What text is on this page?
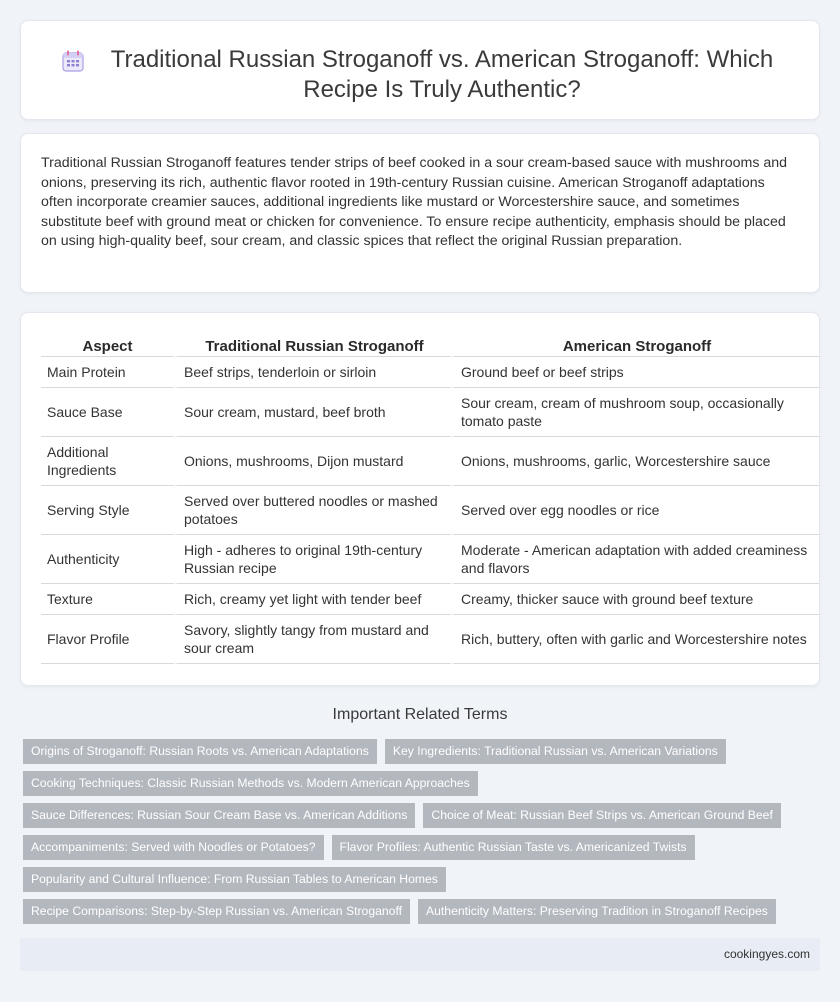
Traditional Russian Stroganoff vs. American Stroganoff: Which Recipe Is Truly Authentic?

Traditional Russian Stroganoff features tender strips of beef cooked in a sour cream-based sauce with mushrooms and onions, preserving its rich, authentic flavor rooted in 19th-century Russian cuisine. American Stroganoff adaptations often incorporate creamier sauces, additional ingredients like mustard or Worcestershire sauce, and sometimes substitute beef with ground meat or chicken for convenience. To ensure recipe authenticity, emphasis should be placed on using high-quality beef, sour cream, and classic spices that reflect the original Russian preparation.

Aspect	Traditional Russian Stroganoff	American Stroganoff
Main Protein	Beef strips, tenderloin or sirloin	Ground beef or beef strips
Sauce Base	Sour cream, mustard, beef broth	Sour cream, cream of mushroom soup, occasionally tomato paste
Additional Ingredients	Onions, mushrooms, Dijon mustard	Onions, mushrooms, garlic, Worcestershire sauce
Serving Style	Served over buttered noodles or mashed potatoes	Served over egg noodles or rice
Authenticity	High - adheres to original 19th-century Russian recipe	Moderate - American adaptation with added creaminess and flavors
Texture	Rich, creamy yet light with tender beef	Creamy, thicker sauce with ground beef texture
Flavor Profile	Savory, slightly tangy from mustard and sour cream	Rich, buttery, often with garlic and Worcestershire notes
Important Related Terms
Origins of Stroganoff: Russian Roots vs. American Adaptations	Key Ingredients: Traditional Russian vs. American Variations
Cooking Techniques: Classic Russian Methods vs. Modern American Approaches
Sauce Differences: Russian Sour Cream Base vs. American Additions	Choice of Meat: Russian Beef Strips vs. American Ground Beef
Accompaniments: Served with Noodles or Potatoes?	Flavor Profiles: Authentic Russian Taste vs. Americanized Twists
Popularity and Cultural Influence: From Russian Tables to American Homes
Recipe Comparisons: Step-by-Step Russian vs. American Stroganoff	Authenticity Matters: Preserving Tradition in Stroganoff Recipes
cookingyes.com
